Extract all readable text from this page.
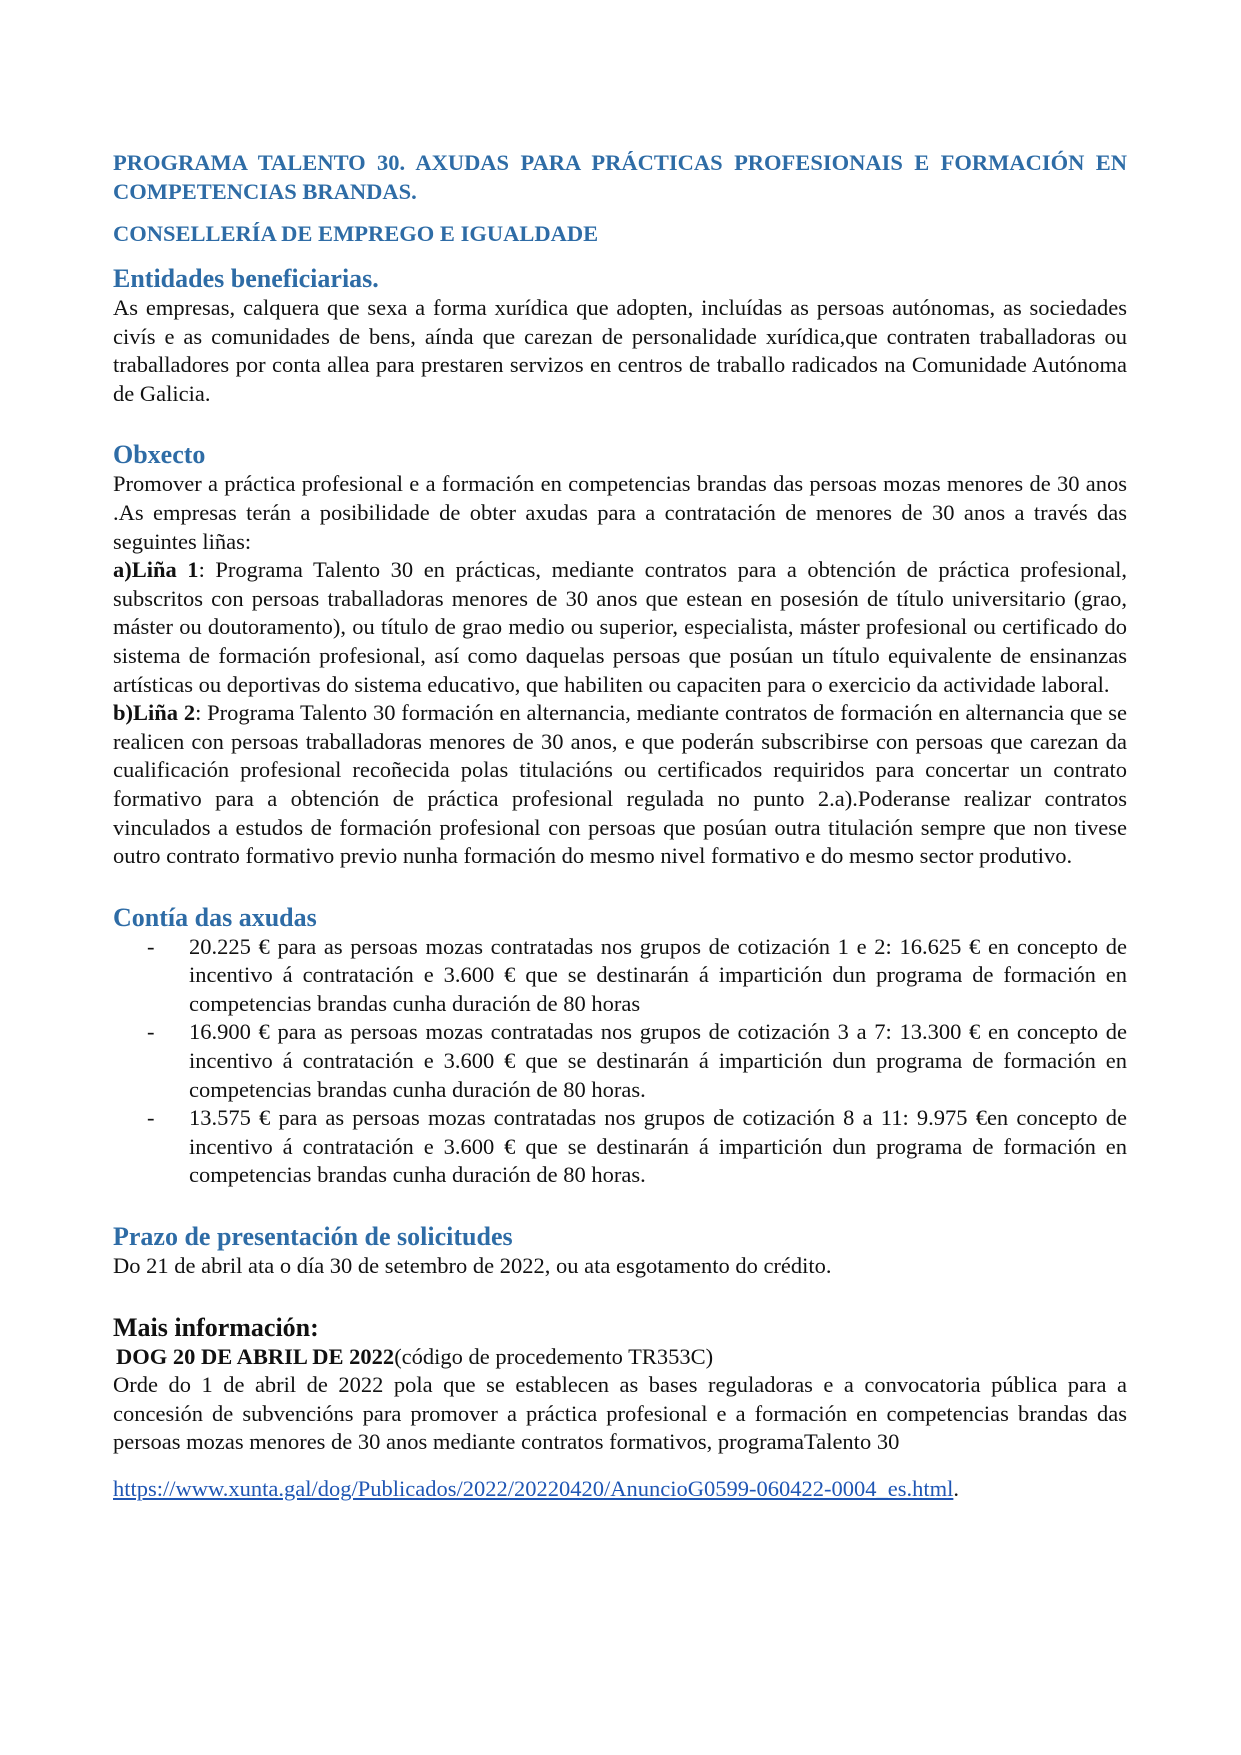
PROGRAMA TALENTO 30. AXUDAS PARA PRÁCTICAS PROFESIONAIS E FORMACIÓN EN COMPETENCIAS BRANDAS.

CONSELLERÍA DE EMPREGO E IGUALDADE

Entidades beneficiarias.

As empresas, calquera que sexa a forma xurídica que adopten, incluídas as persoas autónomas, as sociedades civís e as comunidades de bens, aínda que carezan de personalidade xurídica,que contraten traballadoras ou traballadores por conta allea para prestaren servizos en centros de traballo radicados na Comunidade Autónoma de Galicia.

Obxecto

Promover a práctica profesional e a formación en competencias brandas das persoas mozas menores de 30 anos .As empresas terán a posibilidade de obter axudas para a contratación de menores de 30 anos a través das seguintes liñas:

a)Liña 1: Programa Talento 30 en prácticas, mediante contratos para a obtención de práctica profesional, subscritos con persoas traballadoras menores de 30 anos que estean en posesión de título universitario (grao, máster ou doutoramento), ou título de grao medio ou superior, especialista, máster profesional ou certificado do sistema de formación profesional, así como daquelas persoas que posúan un título equivalente de ensinanzas artísticas ou deportivas do sistema educativo, que habiliten ou capaciten para o exercicio da actividade laboral.

b)Liña 2: Programa Talento 30 formación en alternancia, mediante contratos de formación en alternancia que se realicen con persoas traballadoras menores de 30 anos, e que poderán subscribirse con persoas que carezan da cualificación profesional recoñecida polas titulacións ou certificados requiridos para concertar un contrato formativo para a obtención de práctica profesional regulada no punto 2.a).Poderanse realizar contratos vinculados a estudos de formación profesional con persoas que posúan outra titulación sempre que non tivese outro contrato formativo previo nunha formación do mesmo nivel formativo e do mesmo sector produtivo.

Contía das axudas
- 20.225 € para as persoas mozas contratadas nos grupos de cotización 1 e 2: 16.625 € en concepto de incentivo á contratación e 3.600 € que se destinarán á impartición dun programa de formación en competencias brandas cunha duración de 80 horas
- 16.900 € para as persoas mozas contratadas nos grupos de cotización 3 a 7: 13.300 € en concepto de incentivo á contratación e 3.600 € que se destinarán á impartición dun programa de formación en competencias brandas cunha duración de 80 horas.
- 13.575 € para as persoas mozas contratadas nos grupos de cotización 8 a 11: 9.975 €en concepto de incentivo á contratación e 3.600 € que se destinarán á impartición dun programa de formación en competencias brandas cunha duración de 80 horas.
Prazo de presentación de solicitudes

Do 21 de abril ata o día 30 de setembro de 2022, ou ata esgotamento do crédito.

Mais información:

DOG 20 DE ABRIL DE 2022(código de procedemento TR353C)

Orde do 1 de abril de 2022 pola que se establecen as bases reguladoras e a convocatoria pública para a concesión de subvencións para promover a práctica profesional e a formación en competencias brandas das persoas mozas menores de 30 anos mediante contratos formativos, programaTalento 30

https://www.xunta.gal/dog/Publicados/2022/20220420/AnuncioG0599-060422-0004_es.html.
